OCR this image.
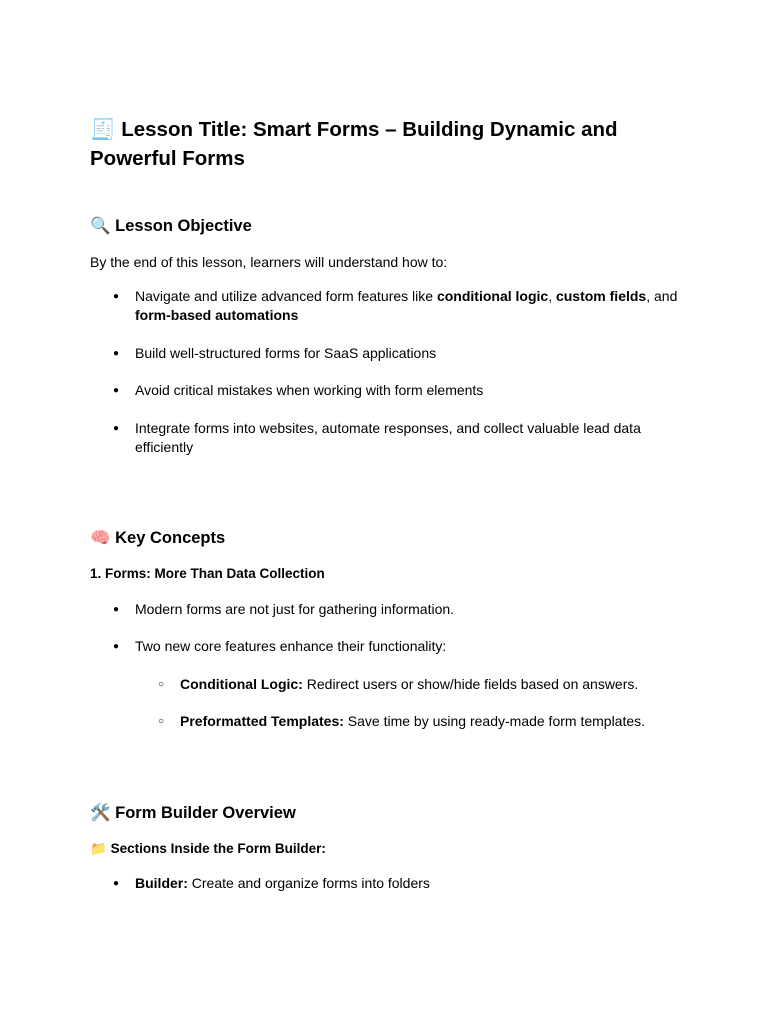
🧾 Lesson Title: Smart Forms – Building Dynamic and Powerful Forms
🔍 Lesson Objective

By the end of this lesson, learners will understand how to:

● Navigate and utilize advanced form features like conditional logic, custom fields, and form-based automations

● Build well-structured forms for SaaS applications

● Avoid critical mistakes when working with form elements

● Integrate forms into websites, automate responses, and collect valuable lead data efficiently

🧠 Key Concepts
1. Forms: More Than Data Collection

● Modern forms are not just for gathering information.

● Two new core features enhance their functionality:

○ Conditional Logic: Redirect users or show/hide fields based on answers.

○ Preformatted Templates: Save time by using ready-made form templates.

🛠️ Form Builder Overview
📁 Sections Inside the Form Builder:

● Builder: Create and organize forms into folders
